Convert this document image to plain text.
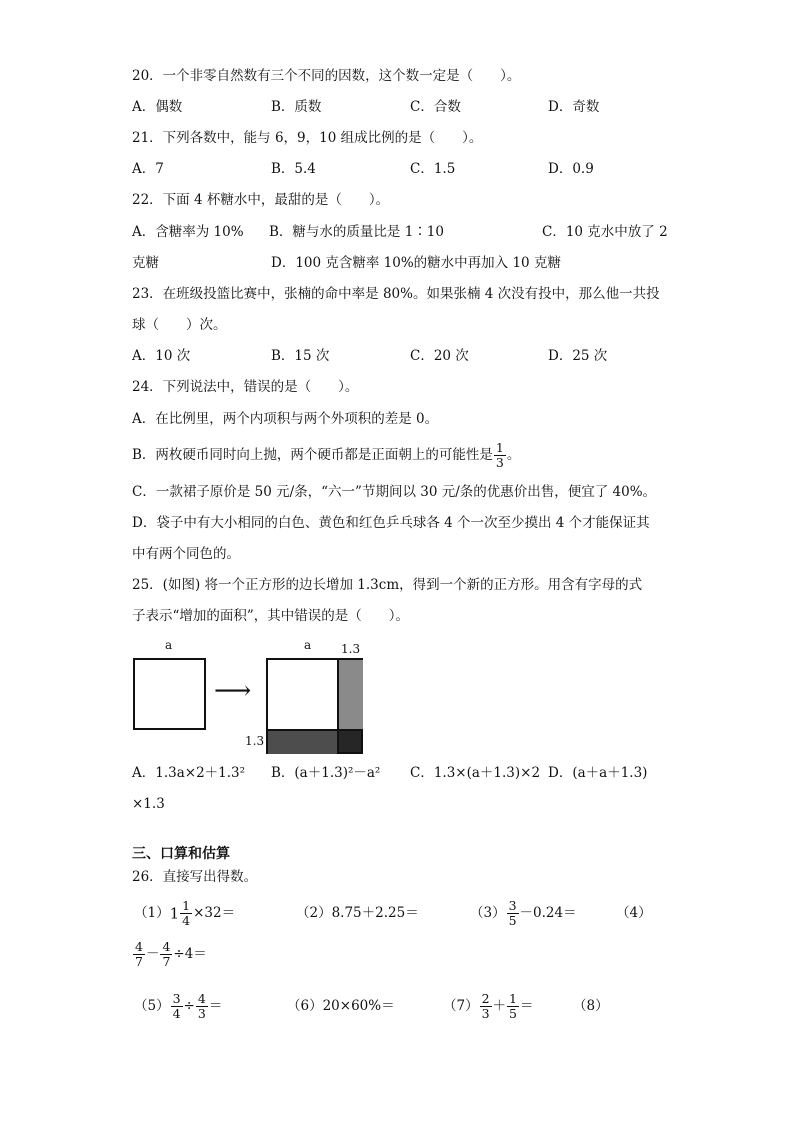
20．一个非零自然数有三个不同的因数，这个数一定是（　　）。
A．偶数	B．质数	C．合数	D．奇数
21．下列各数中，能与 6，9，10 组成比例的是（　　）。
A．7	B．5.4	C．1.5	D．0.9
22．下面 4 杯糖水中，最甜的是（　　）。
A．含糖率为 10% B．糖与水的质量比是 1∶10	C．10 克水中放了 2
克糖	D．100 克含糖率 10%的糖水中再加入 10 克糖
23．在班级投篮比赛中，张楠的命中率是 80%。如果张楠 4 次没有投中，那么他一共投
球（　　）次。
A．10 次	B．15 次	C．20 次	D．25 次
24．下列说法中，错误的是（　　）。
A．在比例里，两个内项积与两个外项积的差是 0。
B．两枚硬币同时向上抛，两个硬币都是正面朝上的可能性是 $\frac{1}{3}$ 。
C．一款裙子原价是 50 元/条，“六一”节期间以 30 元/条的优惠价出售，便宜了 40%。
D．袋子中有大小相同的白色、黄色和红色乒乓球各 4 个一次至少摸出 4 个才能保证其
中有两个同色的。
25．(如图) 将一个正方形的边长增加 1.3cm，得到一个新的正方形。用含有字母的式
子表示“增加的面积”，其中错误的是（　　）。
a
⟶
a 1.3
1.3
A．1.3a×2＋1.3² B．(a＋1.3)²－a² C．1.3×(a＋1.3)×2 D．(a＋a＋1.3)
×1.3
三、口算和估算
26．直接写出得数。
$(1)1 \frac{1}{4} \times 32=$	（2）8.75＋2.25＝	$(3) \frac{3}{5} -0.24=$	（4）
$\frac{4}{7} - \frac{4}{7} \div 4=$
$(5) \frac{3}{4} \div \frac{4}{3}$ ＝	（6）20×60%＝	$(7) \frac{2}{3} + \frac{1}{5}$ ＝	（8）
